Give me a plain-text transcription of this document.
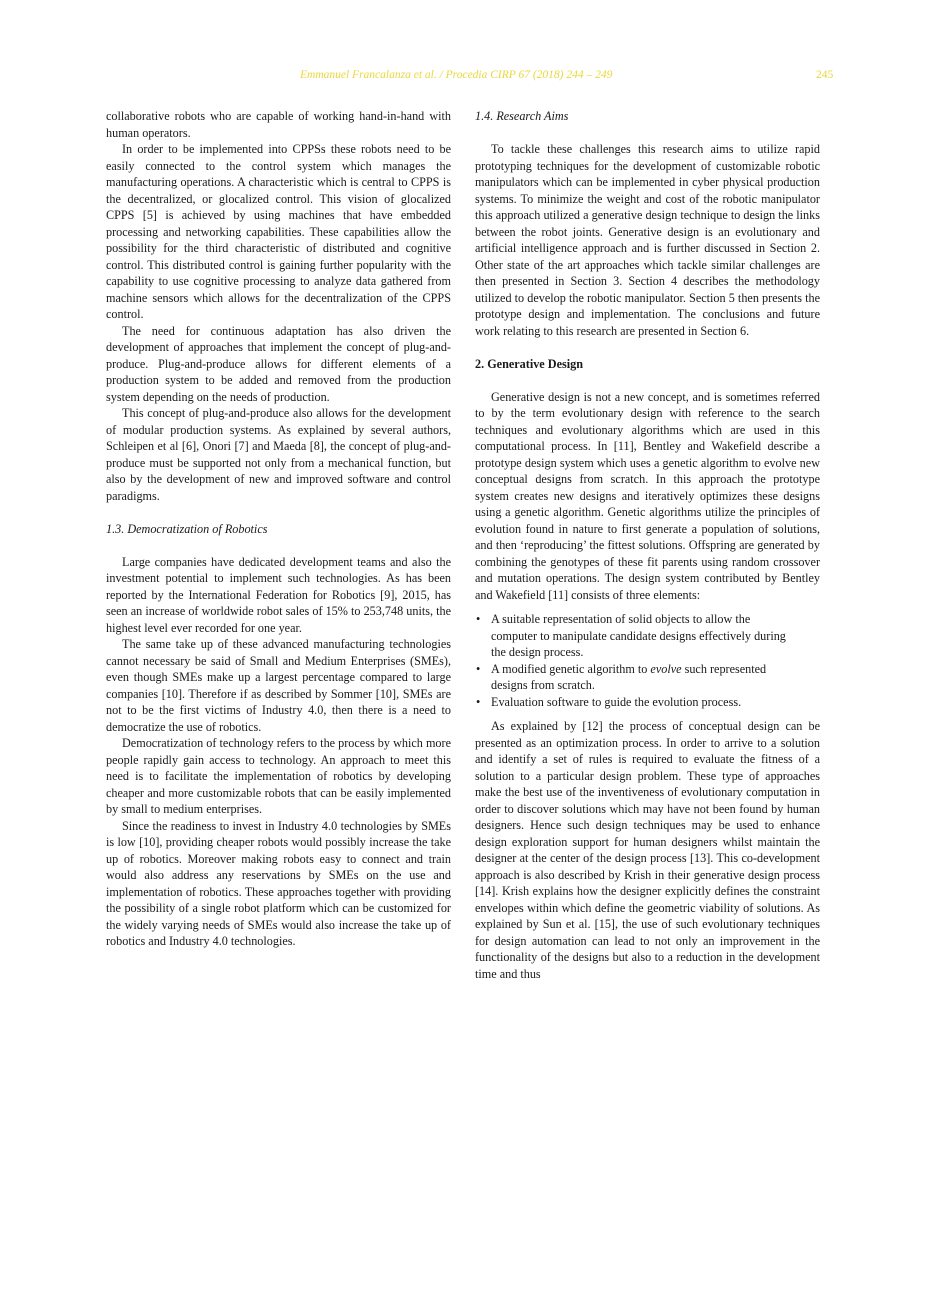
Emmanuel Francalanza et al. / Procedia CIRP 67 (2018) 244 – 249	245

collaborative robots who are capable of working hand-in-hand with human operators.

In order to be implemented into CPPSs these robots need to be easily connected to the control system which manages the manufacturing operations. A characteristic which is central to CPPS is the decentralized, or glocalized control. This vision of glocalized CPPS [5] is achieved by using machines that have embedded processing and networking capabilities. These capabilities allow the possibility for the third characteristic of distributed and cognitive control. This distributed control is gaining further popularity with the capability to use cognitive processing to analyze data gathered from machine sensors which allows for the decentralization of the CPPS control.

The need for continuous adaptation has also driven the development of approaches that implement the concept of plug-and-produce. Plug-and-produce allows for different elements of a production system to be added and removed from the production system depending on the needs of production.

This concept of plug-and-produce also allows for the development of modular production systems. As explained by several authors, Schleipen et al [6], Onori [7] and Maeda [8], the concept of plug-and-produce must be supported not only from a mechanical function, but also by the development of new and improved software and control paradigms.

1.3. Democratization of Robotics

Large companies have dedicated development teams and also the investment potential to implement such technologies. As has been reported by the International Federation for Robotics [9], 2015, has seen an increase of worldwide robot sales of 15% to 253,748 units, the highest level ever recorded for one year.

The same take up of these advanced manufacturing technologies cannot necessary be said of Small and Medium Enterprises (SMEs), even though SMEs make up a largest percentage compared to large companies [10]. Therefore if as described by Sommer [10], SMEs are not to be the first victims of Industry 4.0, then there is a need to democratize the use of robotics.

Democratization of technology refers to the process by which more people rapidly gain access to technology. An approach to meet this need is to facilitate the implementation of robotics by developing cheaper and more customizable robots that can be easily implemented by small to medium enterprises.

Since the readiness to invest in Industry 4.0 technologies by SMEs is low [10], providing cheaper robots would possibly increase the take up of robotics. Moreover making robots easy to connect and train would also address any reservations by SMEs on the use and implementation of robotics. These approaches together with providing the possibility of a single robot platform which can be customized for the widely varying needs of SMEs would also increase the take up of robotics and Industry 4.0 technologies.

1.4. Research Aims

To tackle these challenges this research aims to utilize rapid prototyping techniques for the development of customizable robotic manipulators which can be implemented in cyber physical production systems. To minimize the weight and cost of the robotic manipulator this approach utilized a generative design technique to design the links between the robot joints. Generative design is an evolutionary and artificial intelligence approach and is further discussed in Section 2. Other state of the art approaches which tackle similar challenges are then presented in Section 3. Section 4 describes the methodology utilized to develop the robotic manipulator. Section 5 then presents the prototype design and implementation. The conclusions and future work relating to this research are presented in Section 6.

2. Generative Design

Generative design is not a new concept, and is sometimes referred to by the term evolutionary design with reference to the search techniques and evolutionary algorithms which are used in this computational process. In [11], Bentley and Wakefield describe a prototype design system which uses a genetic algorithm to evolve new conceptual designs from scratch. In this approach the prototype system creates new designs and iteratively optimizes these designs using a genetic algorithm. Genetic algorithms utilize the principles of evolution found in nature to first generate a population of solutions, and then ‘reproducing’ the fittest solutions. Offspring are generated by combining the genotypes of these fit parents using random crossover and mutation operations. The design system contributed by Bentley and Wakefield [11] consists of three elements:

• A suitable representation of solid objects to allow the computer to manipulate candidate designs effectively during the design process.
• A modified genetic algorithm to evolve such represented designs from scratch.
• Evaluation software to guide the evolution process.

As explained by [12] the process of conceptual design can be presented as an optimization process. In order to arrive to a solution and identify a set of rules is required to evaluate the fitness of a solution to a particular design problem. These type of approaches make the best use of the inventiveness of evolutionary computation in order to discover solutions which may have not been found by human designers. Hence such design techniques may be used to enhance design exploration support for human designers whilst maintain the designer at the center of the design process [13]. This co-development approach is also described by Krish in their generative design process [14]. Krish explains how the designer explicitly defines the constraint envelopes within which define the geometric viability of solutions. As explained by Sun et al. [15], the use of such evolutionary techniques for design automation can lead to not only an improvement in the functionality of the designs but also to a reduction in the development time and thus
